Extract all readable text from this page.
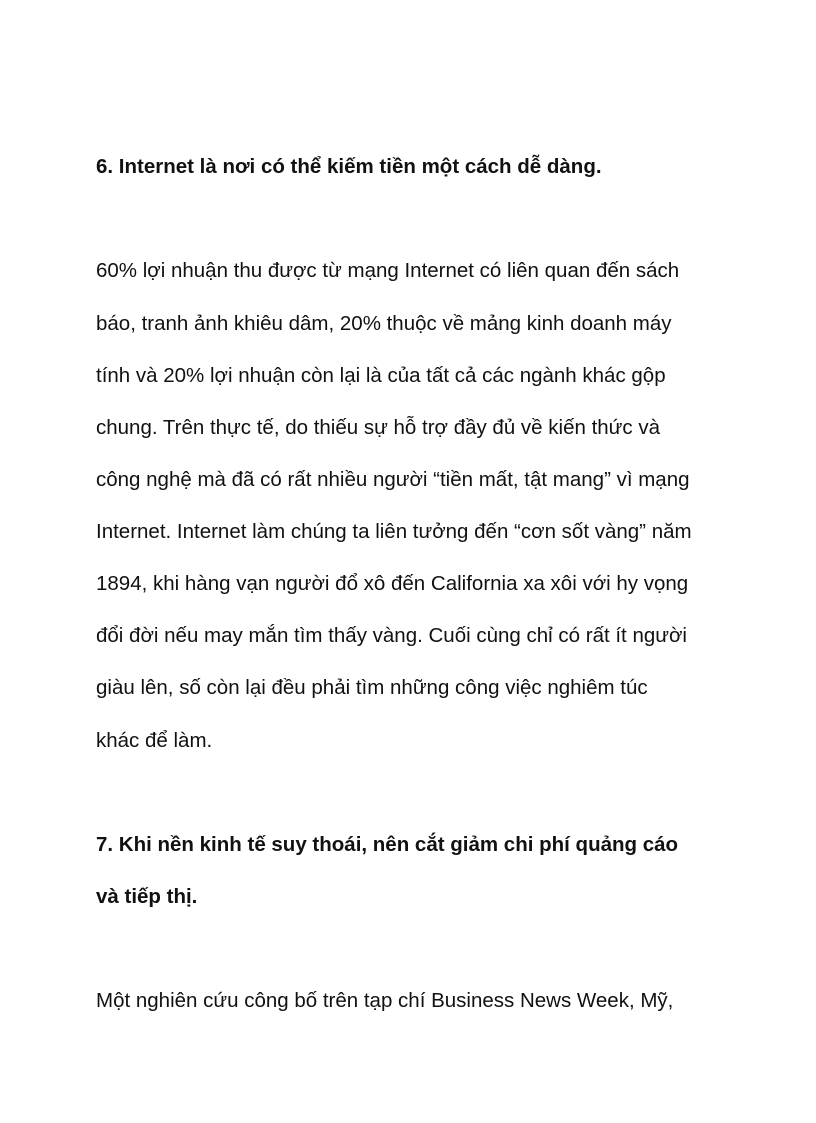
6. Internet là nơi có thể kiếm tiền một cách dễ dàng.
60% lợi nhuận thu được từ mạng Internet có liên quan đến sách
báo, tranh ảnh khiêu dâm, 20% thuộc về mảng kinh doanh máy
tính và 20% lợi nhuận còn lại là của tất cả các ngành khác gộp
chung. Trên thực tế, do thiếu sự hỗ trợ đầy đủ về kiến thức và
công nghệ mà đã có rất nhiều người “tiền mất, tật mang” vì mạng
Internet. Internet làm chúng ta liên tưởng đến “cơn sốt vàng” năm
1894, khi hàng vạn người đổ xô đến California xa xôi với hy vọng
đổi đời nếu may mắn tìm thấy vàng. Cuối cùng chỉ có rất ít người
giàu lên, số còn lại đều phải tìm những công việc nghiêm túc
khác để làm.
7. Khi nền kinh tế suy thoái, nên cắt giảm chi phí quảng cáo
và tiếp thị.
Một nghiên cứu công bố trên tạp chí Business News Week, Mỹ,
